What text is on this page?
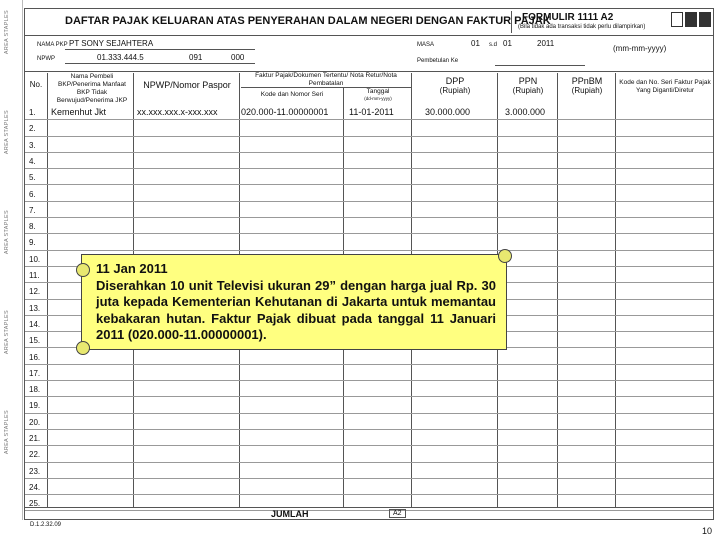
AREA STAPLES
AREA STAPLES
AREA STAPLES
AREA STAPLES
AREA STAPLES
DAFTAR PAJAK KELUARAN ATAS PENYERAHAN DALAM NEGERI DENGAN FAKTUR PAJAK
FORMULIR 1111 A2
(Bila tidak ada transaksi tidak perlu dilampirkan)
NAMA PKP PT SONY SEJAHTERA
NPWP	01.333.444.5	091	000
MASA	01 s.d 01	2011
(mm-mm-yyyy)
Pembetulan Ke
No.
Nama Pembeli BKP/Penerima Manfaat BKP Tidak Berwujud/Penerima JKP
NPWP/Nomor Paspor
Faktur Pajak/Dokumen Tertentu/ Nota Retur/Nota Pembatalan
Kode dan Nomor Seri	Tanggal
(dd-mm-yyyy)
DPP
(Rupiah)
PPN
(Rupiah)
PPnBM
(Rupiah)
Kode dan No. Seri Faktur Pajak Yang Diganti/Diretur
1.	Kemenhut Jkt	xx.xxx.xxx.x-xxx.xxx	020.000-11.00000001 11-01-2011	30.000.000	3.000.000
2.
3.
4.
5.
6.
7.
8.
9.
10.
11.
12.
13.
14.
15.
16.
17.
18.
19.
20.
21.
22.
23.
24.
25.
JUMLAH	A2
11 Jan 2011
Diserahkan 10 unit Televisi ukuran 29” dengan harga jual Rp. 30 juta kepada Kementerian Kehutanan di Jakarta untuk memantau kebakaran hutan. Faktur Pajak dibuat pada tanggal 11 Januari 2011 (020.000-11.00000001).
D.1.2.32.09
10
